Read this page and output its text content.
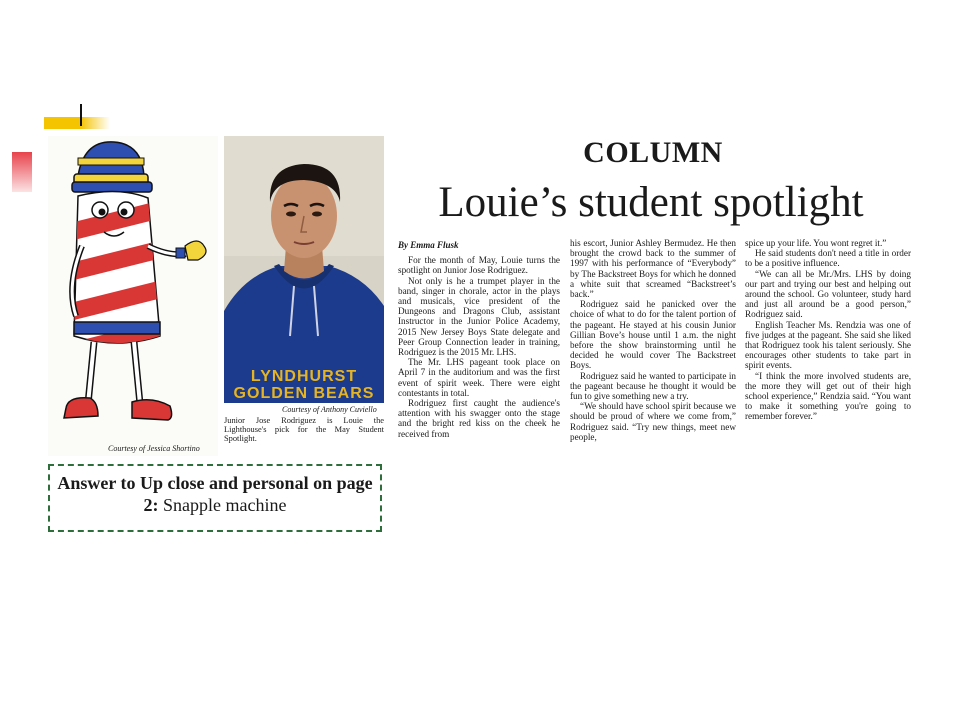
Courtesy of Jessica Shortino
LYNDHURST GOLDEN BEARS
Courtesy of Anthony Cuviello
Junior Jose Rodriguez is Louie the Lighthouse's pick for the May Student Spotlight.
Answer to Up close and personal on page 2: Snapple machine
COLUMN
Louie’s student spotlight

By Emma Flusk

For the month of May, Louie turns the spotlight on Junior Jose Rodriguez.

Not only is he a trumpet player in the band, singer in chorale, actor in the plays and musicals, vice president of the Dungeons and Dragons Club, assistant Instructor in the Junior Police Academy, 2015 New Jersey Boys State delegate and Peer Group Connection leader in training, Rodriguez is the 2015 Mr. LHS.

The Mr. LHS pageant took place on April 7 in the auditorium and was the first event of spirit week. There were eight contestants in total.

Rodriguez first caught the audience's attention with his swagger onto the stage and the bright red kiss on the cheek he received from

his escort, Junior Ashley Bermudez. He then brought the crowd back to the summer of 1997 with his performance of “Everybody” by The Backstreet Boys for which he donned a white suit that screamed “Backstreet’s back.”

Rodriguez said he panicked over the choice of what to do for the talent portion of the pageant. He stayed at his cousin Junior Gillian Bove’s house until 1 a.m. the night before the show brainstorming until he decided he would cover The Backstreet Boys.

Rodriguez said he wanted to participate in the pageant because he thought it would be fun to give something new a try.

“We should have school spirit because we should be proud of where we come from,” Rodriguez said. “Try new things, meet new people,

spice up your life. You wont regret it.”

He said students don't need a title in order to be a positive influence.

“We can all be Mr./Mrs. LHS by doing our part and trying our best and helping out around the school. Go volunteer, study hard and just all around be a good person,” Rodriguez said.

English Teacher Ms. Rendzia was one of five judges at the pageant. She said she liked that Rodriguez took his talent seriously. She encourages other students to take part in spirit events.

“I think the more involved students are, the more they will get out of their high school experience,” Rendzia said. “You want to make it something you're going to remember forever.”
